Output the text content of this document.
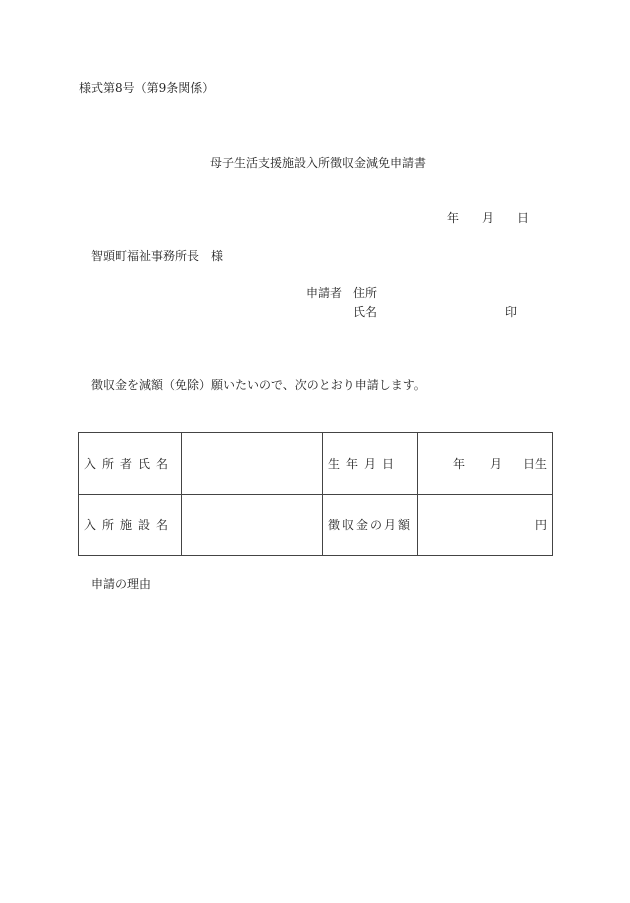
様式第8号（第9条関係）
母子生活支援施設入所徴収金減免申請書
年 月 日
智頭町福祉事務所長　様
申請者 住所
氏名	印
徴収金を減額（免除）願いたいので、次のとおり申請します。
入所者氏名		生年月日	年 月 日生

入所施設名		徴収金の月額	円
申請の理由
